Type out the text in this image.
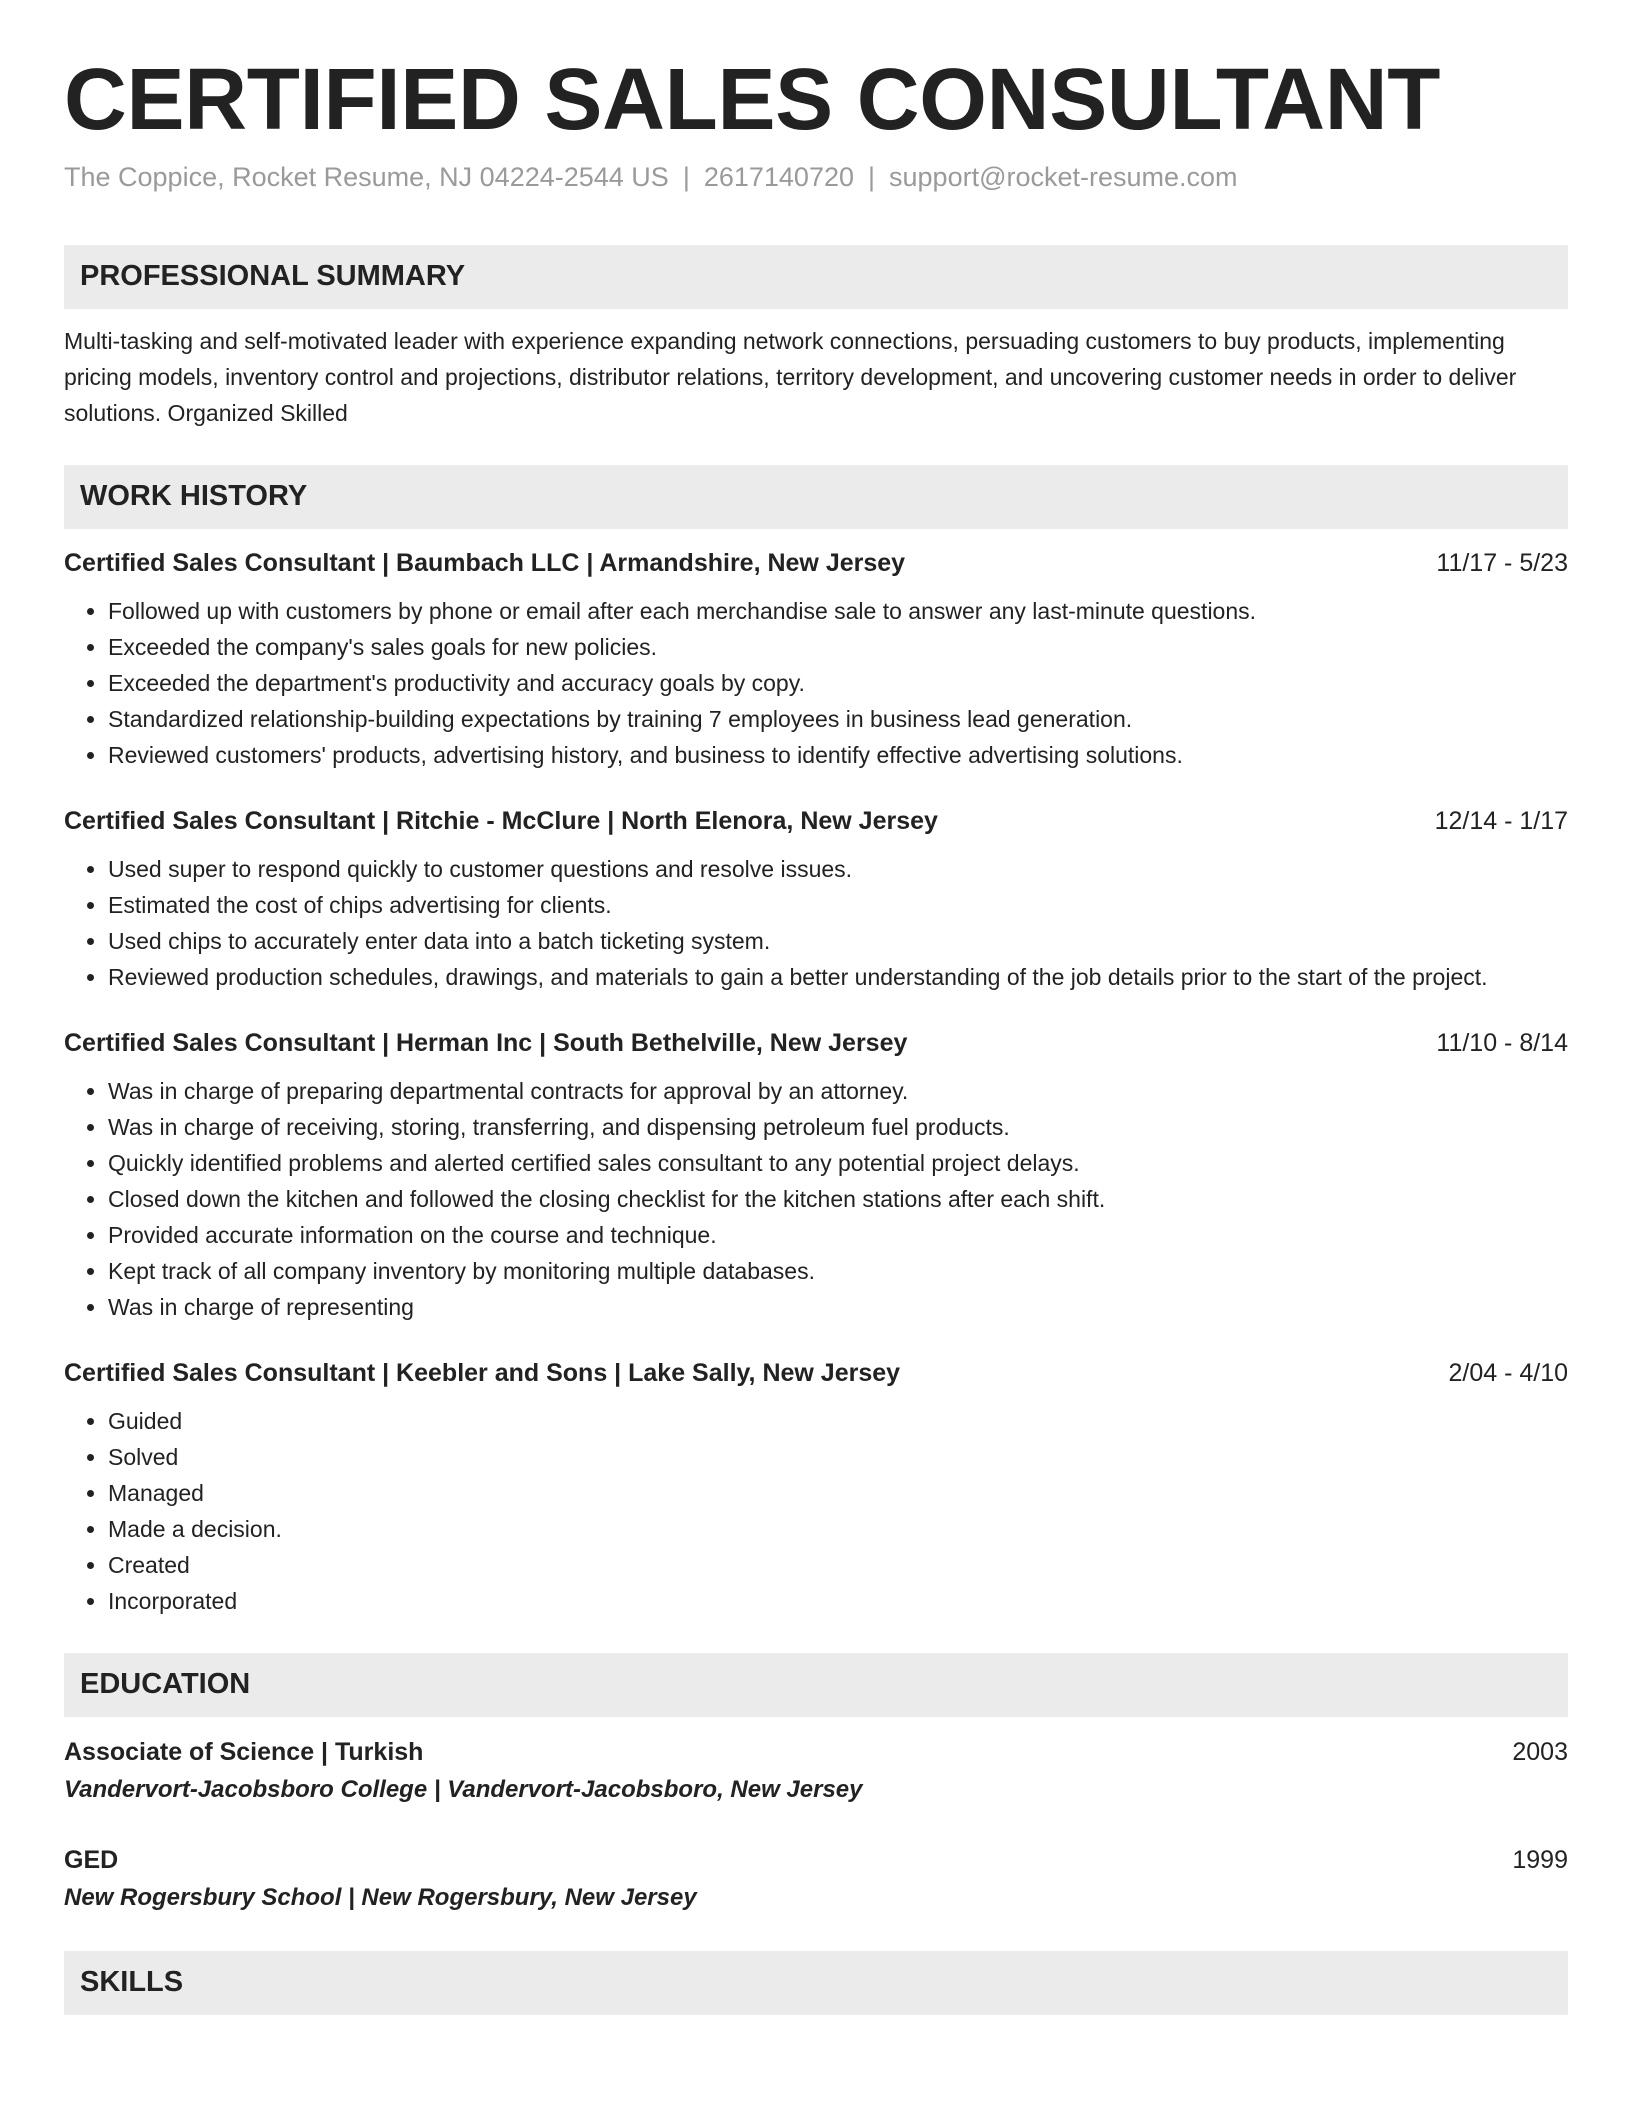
CERTIFIED SALES CONSULTANT
The Coppice, Rocket Resume, NJ 04224-2544 US | 2617140720 | support@rocket-resume.com
PROFESSIONAL SUMMARY
Multi-tasking and self-motivated leader with experience expanding network connections, persuading customers to buy products, implementing pricing models, inventory control and projections, distributor relations, territory development, and uncovering customer needs in order to deliver solutions. Organized Skilled
WORK HISTORY
Certified Sales Consultant | Baumbach LLC | Armandshire, New Jersey	11/17 - 5/23
• Followed up with customers by phone or email after each merchandise sale to answer any last-minute questions.
• Exceeded the company's sales goals for new policies.
• Exceeded the department's productivity and accuracy goals by copy.
• Standardized relationship-building expectations by training 7 employees in business lead generation.
• Reviewed customers' products, advertising history, and business to identify effective advertising solutions.
Certified Sales Consultant | Ritchie - McClure | North Elenora, New Jersey	12/14 - 1/17
• Used super to respond quickly to customer questions and resolve issues.
• Estimated the cost of chips advertising for clients.
• Used chips to accurately enter data into a batch ticketing system.
• Reviewed production schedules, drawings, and materials to gain a better understanding of the job details prior to the start of the project.
Certified Sales Consultant | Herman Inc | South Bethelville, New Jersey	11/10 - 8/14
• Was in charge of preparing departmental contracts for approval by an attorney.
• Was in charge of receiving, storing, transferring, and dispensing petroleum fuel products.
• Quickly identified problems and alerted certified sales consultant to any potential project delays.
• Closed down the kitchen and followed the closing checklist for the kitchen stations after each shift.
• Provided accurate information on the course and technique.
• Kept track of all company inventory by monitoring multiple databases.
• Was in charge of representing
Certified Sales Consultant | Keebler and Sons | Lake Sally, New Jersey	2/04 - 4/10
• Guided
• Solved
• Managed
• Made a decision.
• Created
• Incorporated
EDUCATION
Associate of Science | Turkish	2003
Vandervort-Jacobsboro College | Vandervort-Jacobsboro, New Jersey
GED	1999
New Rogersbury School | New Rogersbury, New Jersey
SKILLS
